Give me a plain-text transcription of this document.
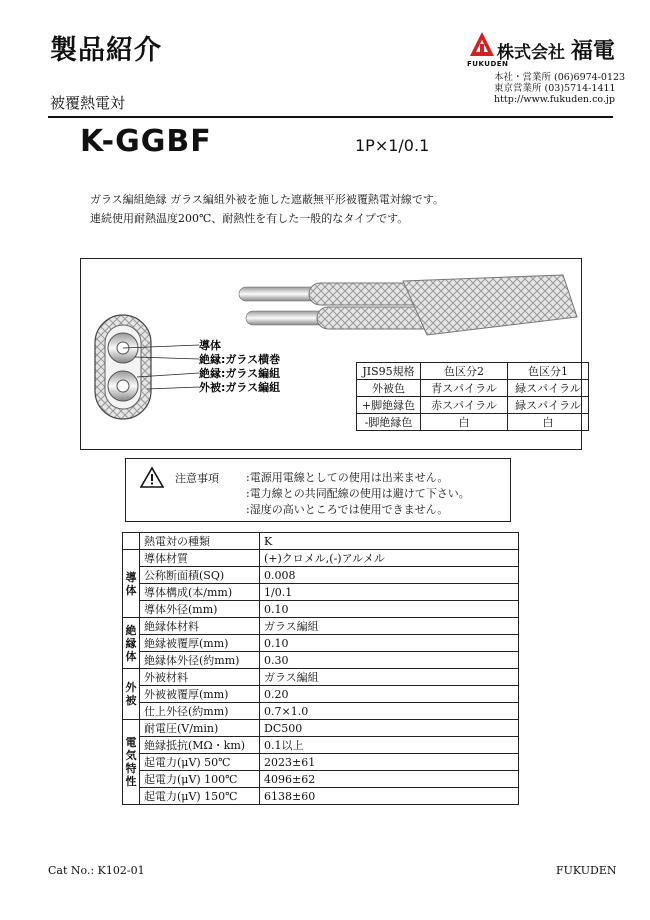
製品紹介
被覆熱電対
FUKUDEN
株式会社 福電
本社・営業所 (06)6974-0123
東京営業所 (03)5714-1411
http://www.fukuden.co.jp
K-GGBF	1P×1/0.1
ガラス編組絶縁 ガラス編組外被を施した遮蔽無平形被覆熱電対線です。
連続使用耐熱温度200℃、耐熱性を有した一般的なタイプです。
導体
絶縁:ガラス横巻
絶縁:ガラス編組
外被:ガラス編組
JIS95規格	色区分2	色区分1
外被色	青スパイラル	緑スパイラル
+脚絶縁色	赤スパイラル	緑スパイラル
-脚絶縁色	白	白
注意事項 :電源用電線としての使用は出来ません。
:電力線との共同配線の使用は避けて下さい。
:湿度の高いところでは使用できません。
	熱電対の種類	K

導
体	導体材質	(+)クロメル,(-)アルメル
	公称断面積(SQ)	0.008
	導体構成(本/mm)	1/0.1
	導体外径(mm)	0.10

絶
縁
体	絶縁体材料	ガラス編組
	絶縁被覆厚(mm)	0.10
	絶縁体外径(約mm)	0.30

外
被	外被材料	ガラス編組
	外被被覆厚(mm)	0.20
	仕上外径(約mm)	0.7×1.0

電
気
特
性	耐電圧(V/min)	DC500
	絶縁抵抗(MΩ・km)	0.1以上
	起電力(μV) 50℃	2023±61
	起電力(μV) 100℃	4096±62
	起電力(μV) 150℃	6138±60
Cat No.: K102-01	FUKUDEN
